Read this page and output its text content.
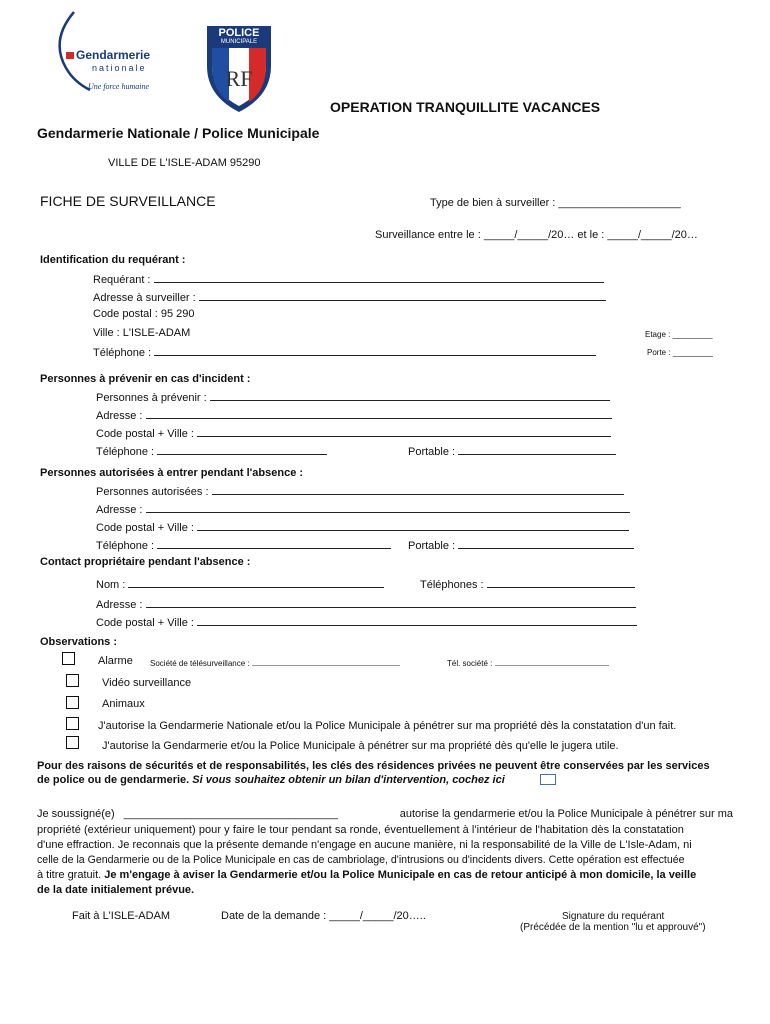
Gendarmerie
nationale
Une force humaine	RF
POLICE
MUNICIPALE
OPERATION TRANQUILLITE VACANCES
Gendarmerie Nationale / Police Municipale
VILLE DE L'ISLE-ADAM 95290
FICHE DE SURVEILLANCE	Type de bien à surveiller : ____________________
Surveillance entre le : _____/_____/20… et le : _____/_____/20…
Identification du requérant :
Requérant :
Adresse à surveiller :
Code postal : 95 290
Ville : L'ISLE-ADAM
Téléphone :
Etage : _________
Porte : _________
Personnes à prévenir en cas d'incident :
Personnes à prévenir :
Adresse :
Code postal + Ville :
Téléphone :	Portable :
Personnes autorisées à entrer pendant l'absence :
Personnes autorisées :
Adresse :
Code postal + Ville :
Téléphone :	Portable :
Contact propriétaire pendant l'absence :
Nom :	Téléphones :
Adresse :
Code postal + Ville :
Observations :
Alarme Société de télésurveillance :	Tél. société :
Vidéo surveillance
Animaux
J'autorise la Gendarmerie Nationale et/ou la Police Municipale à pénétrer sur ma propriété dès la constatation d'un fait.
J'autorise la Gendarmerie et/ou la Police Municipale à pénétrer sur ma propriété dès qu'elle le jugera utile.
Pour des raisons de sécurités et de responsabilités, les clés des résidences privées ne peuvent être conservées par les services
de police ou de gendarmerie. Si vous souhaitez obtenir un bilan d'intervention, cochez ici
Je soussigné(e) ___________________________________	autorise la gendarmerie et/ou la Police Municipale à pénétrer sur ma
propriété (extérieur uniquement) pour y faire le tour pendant sa ronde, éventuellement à l'intérieur de l'habitation dès la constatation
d'une effraction. Je reconnais que la présente demande n'engage en aucune manière, ni la responsabilité de la Ville de L'Isle-Adam, ni
celle de la Gendarmerie ou de la Police Municipale en cas de cambriolage, d'intrusions ou d'incidents divers. Cette opération est effectuée
à titre gratuit. Je m'engage à aviser la Gendarmerie et/ou la Police Municipale en cas de retour anticipé à mon domicile, la veille
de la date initialement prévue.
Fait à L'ISLE-ADAM	Date de la demande : _____/_____/20…..	Signature du requérant
(Précédée de la mention "lu et approuvé")
